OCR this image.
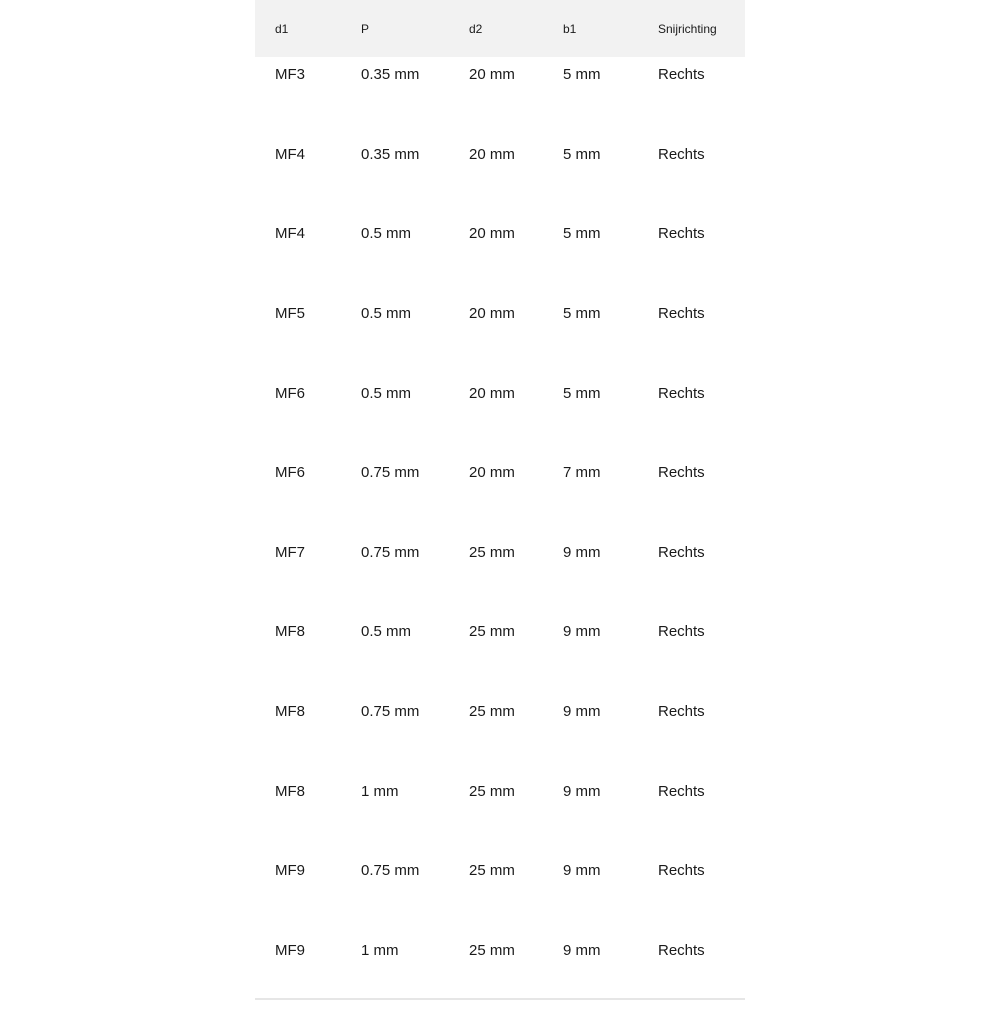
d1	P	d2	b1	Snijrichting
MF3	0.35 mm	20 mm	5 mm	Rechts
MF4	0.35 mm	20 mm	5 mm	Rechts
MF4	0.5 mm	20 mm	5 mm	Rechts
MF5	0.5 mm	20 mm	5 mm	Rechts
MF6	0.5 mm	20 mm	5 mm	Rechts
MF6	0.75 mm	20 mm	7 mm	Rechts
MF7	0.75 mm	25 mm	9 mm	Rechts
MF8	0.5 mm	25 mm	9 mm	Rechts
MF8	0.75 mm	25 mm	9 mm	Rechts
MF8	1 mm	25 mm	9 mm	Rechts
MF9	0.75 mm	25 mm	9 mm	Rechts
MF9	1 mm	25 mm	9 mm	Rechts
